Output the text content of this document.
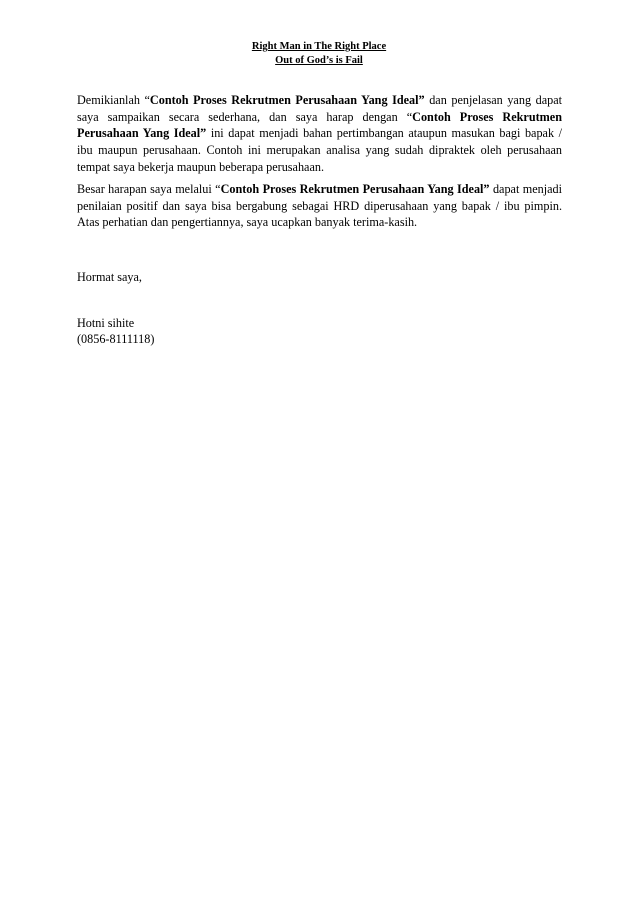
Right Man in The Right Place
Out of God’s is Fail

Demikianlah “Contoh Proses Rekrutmen Perusahaan Yang Ideal” dan penjelasan yang dapat saya sampaikan secara sederhana, dan saya harap dengan “Contoh Proses Rekrutmen Perusahaan Yang Ideal” ini dapat menjadi bahan pertimbangan ataupun masukan bagi bapak / ibu maupun perusahaan. Contoh ini merupakan analisa yang sudah dipraktek oleh perusahaan tempat saya bekerja maupun beberapa perusahaan.

Besar harapan saya melalui “Contoh Proses Rekrutmen Perusahaan Yang Ideal” dapat menjadi penilaian positif dan saya bisa bergabung sebagai HRD diperusahaan yang bapak / ibu pimpin. Atas perhatian dan pengertiannya, saya ucapkan banyak terima-kasih.

Hormat saya,
Hotni sihite
(0856-8111118)
